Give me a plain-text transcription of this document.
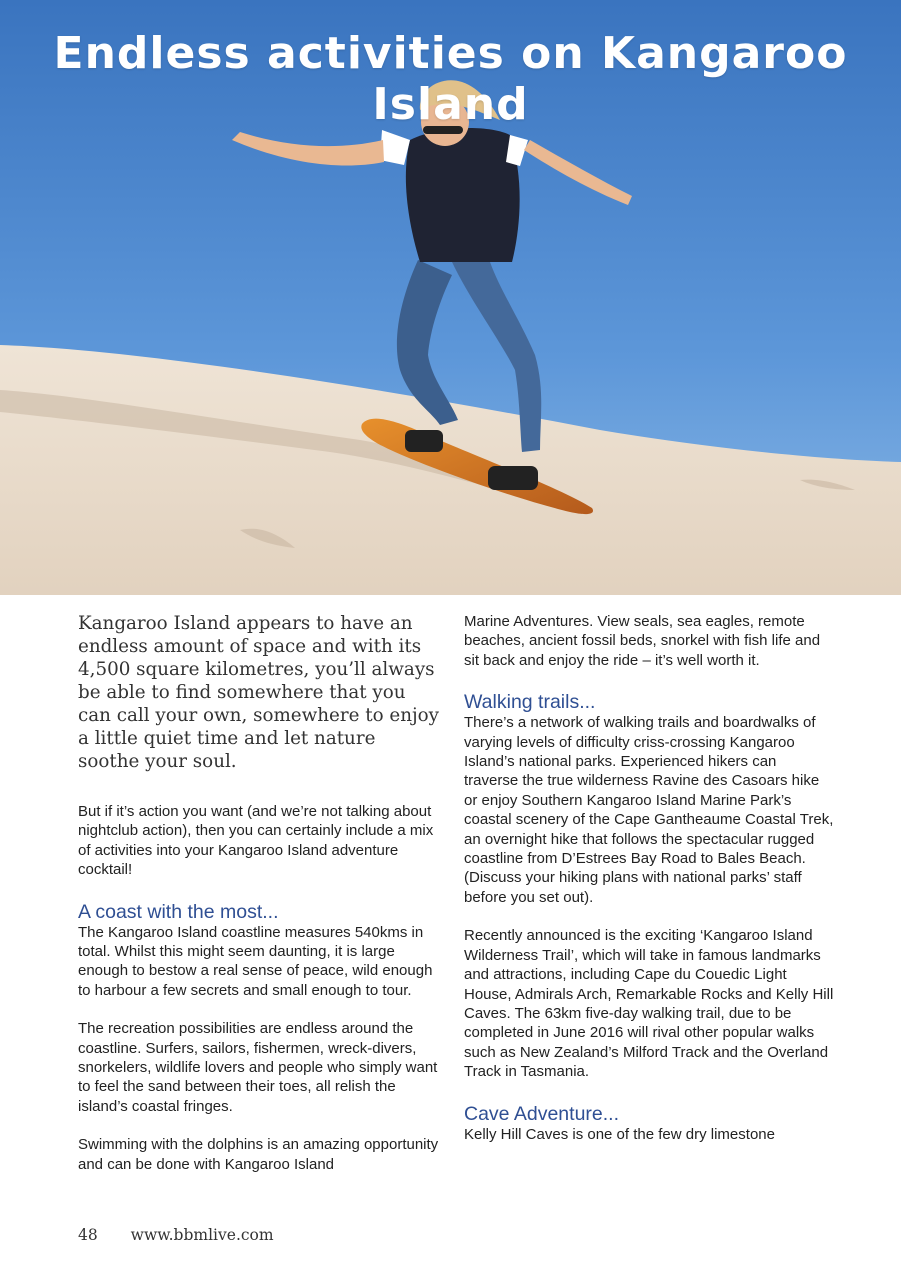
Endless activities on Kangaroo Island

Kangaroo Island appears to have an endless amount of space and with its 4,500 square kilometres, you’ll always be able to find somewhere that you can call your own, somewhere to enjoy a little quiet time and let nature soothe your soul.

But if it’s action you want (and we’re not talking about nightclub action), then you can certainly include a mix of activities into your Kangaroo Island adventure cocktail!

A coast with the most...

The Kangaroo Island coastline measures 540kms in total. Whilst this might seem daunting, it is large enough to bestow a real sense of peace, wild enough to harbour a few secrets and small enough to tour.

The recreation possibilities are endless around the coastline. Surfers, sailors, fishermen, wreck-divers, snorkelers, wildlife lovers and people who simply want to feel the sand between their toes, all relish the island’s coastal fringes.

Swimming with the dolphins is an amazing opportunity and can be done with Kangaroo Island

Marine Adventures. View seals, sea eagles, remote beaches, ancient fossil beds, snorkel with fish life and sit back and enjoy the ride – it’s well worth it.

Walking trails...

There’s a network of walking trails and boardwalks of varying levels of difficulty criss-crossing Kangaroo Island’s national parks. Experienced hikers can traverse the true wilderness Ravine des Casoars hike or enjoy Southern Kangaroo Island Marine Park’s coastal scenery of the Cape Gantheaume Coastal Trek, an overnight hike that follows the spectacular rugged coastline from D’Estrees Bay Road to Bales Beach. (Discuss your hiking plans with national parks’ staff before you set out).

Recently announced is the exciting ‘Kangaroo Island Wilderness Trail’, which will take in famous landmarks and attractions, including Cape du Couedic Light House, Admirals Arch, Remarkable Rocks and Kelly Hill Caves. The 63km five-day walking trail, due to be completed in June 2016 will rival other popular walks such as New Zealand’s Milford Track and the Overland Track in Tasmania.

Cave Adventure...

Kelly Hill Caves is one of the few dry limestone

48 www.bbmlive.com
